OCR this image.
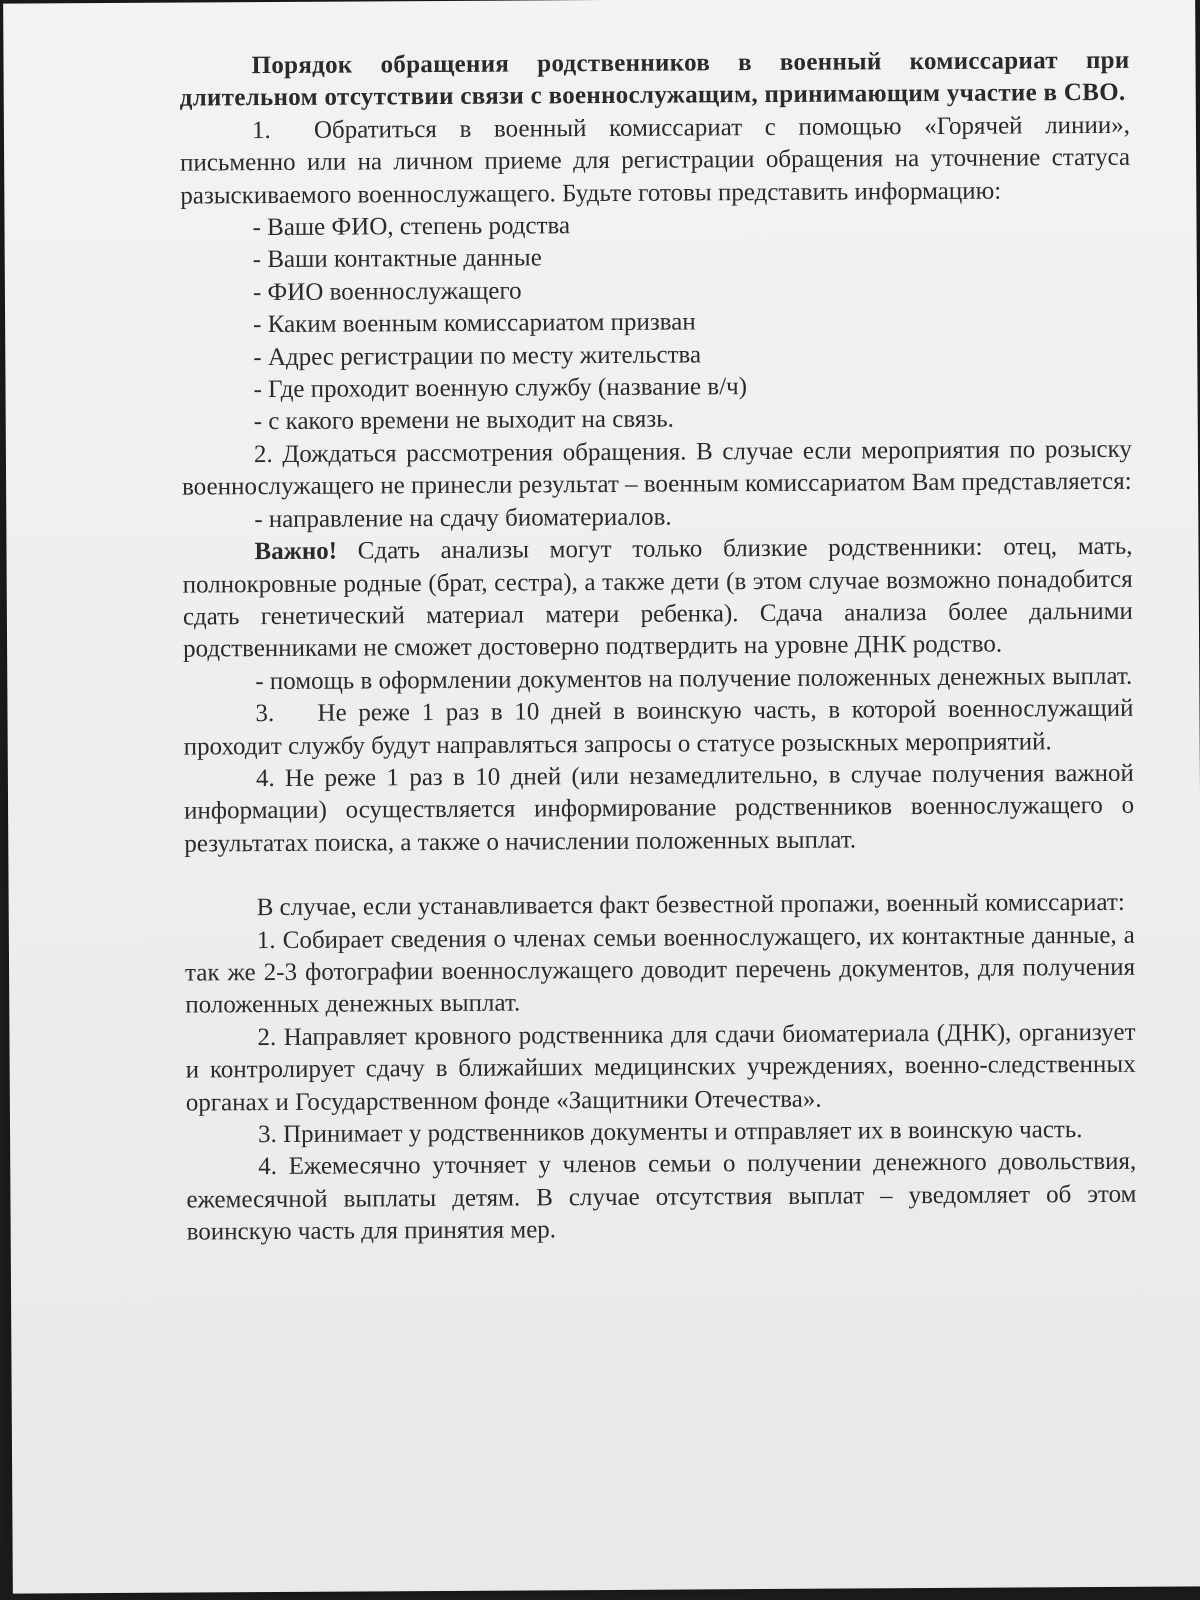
Порядок обращения родственников в военный комиссариат при длительном отсутствии связи с военнослужащим, принимающим участие в СВО.

1. Обратиться в военный комиссариат с помощью «Горячей линии», письменно или на личном приеме для регистрации обращения на уточнение статуса разыскиваемого военнослужащего. Будьте готовы представить информацию:

- Ваше ФИО, степень родства

- Ваши контактные данные

- ФИО военнослужащего

- Каким военным комиссариатом призван

- Адрес регистрации по месту жительства

- Где проходит военную службу (название в/ч)

- с какого времени не выходит на связь.

2. Дождаться рассмотрения обращения. В случае если мероприятия по розыску военнослужащего не принесли результат – военным комиссариатом Вам представляется:

- направление на сдачу биоматериалов.

Важно! Сдать анализы могут только близкие родственники: отец, мать, полнокровные родные (брат, сестра), а также дети (в этом случае возможно понадобится сдать генетический материал матери ребенка). Сдача анализа более дальними родственниками не сможет достоверно подтвердить на уровне ДНК родство.

- помощь в оформлении документов на получение положенных денежных выплат.

3. Не реже 1 раз в 10 дней в воинскую часть, в которой военнослужащий проходит службу будут направляться запросы о статусе розыскных мероприятий.

4. Не реже 1 раз в 10 дней (или незамедлительно, в случае получения важной информации) осуществляется информирование родственников военнослужащего о результатах поиска, а также о начислении положенных выплат.

В случае, если устанавливается факт безвестной пропажи, военный комиссариат:

1. Собирает сведения о членах семьи военнослужащего, их контактные данные, а так же 2-3 фотографии военнослужащего доводит перечень документов, для получения положенных денежных выплат.

2. Направляет кровного родственника для сдачи биоматериала (ДНК), организует и контролирует сдачу в ближайших медицинских учреждениях, военно-следственных органах и Государственном фонде «Защитники Отечества».

3. Принимает у родственников документы и отправляет их в воинскую часть.

4. Ежемесячно уточняет у членов семьи о получении денежного довольствия, ежемесячной выплаты детям. В случае отсутствия выплат – уведомляет об этом воинскую часть для принятия мер.
